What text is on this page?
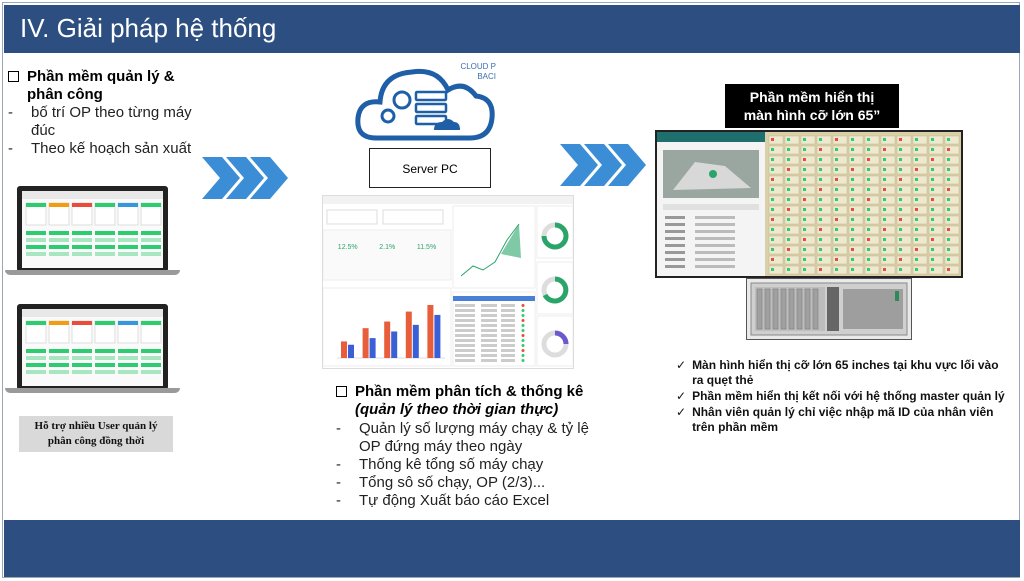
IV. Giải pháp hệ thống
Phần mềm quản lý &
phân công
- bố trí OP theo từng máy
đúc
- Theo kế hoạch sản xuất
Hỗ trợ nhiều User quản lý
phân công đồng thời
CLOUD P
BACI
Server PC
12.5%	2.1%	11.5%
Phần mềm phân tích & thống kê
(quản lý theo thời gian thực)
- Quản lý số lượng máy chạy & tỷ lệ
OP đứng máy theo ngày
- Thống kê tổng số máy chạy
- Tổng sô số chạy, OP (2/3)...
- Tự động Xuất báo cáo Excel
Phần mềm hiển thị
màn hình cỡ lớn 65”
✓ Màn hình hiển thị cỡ lớn 65 inches tại khu vực lối vào ra quẹt thẻ
✓ Phần mềm hiển thị kết nối với hệ thống master quản lý
✓ Nhân viên quản lý chỉ việc nhập mã ID của nhân viên trên phần mềm
